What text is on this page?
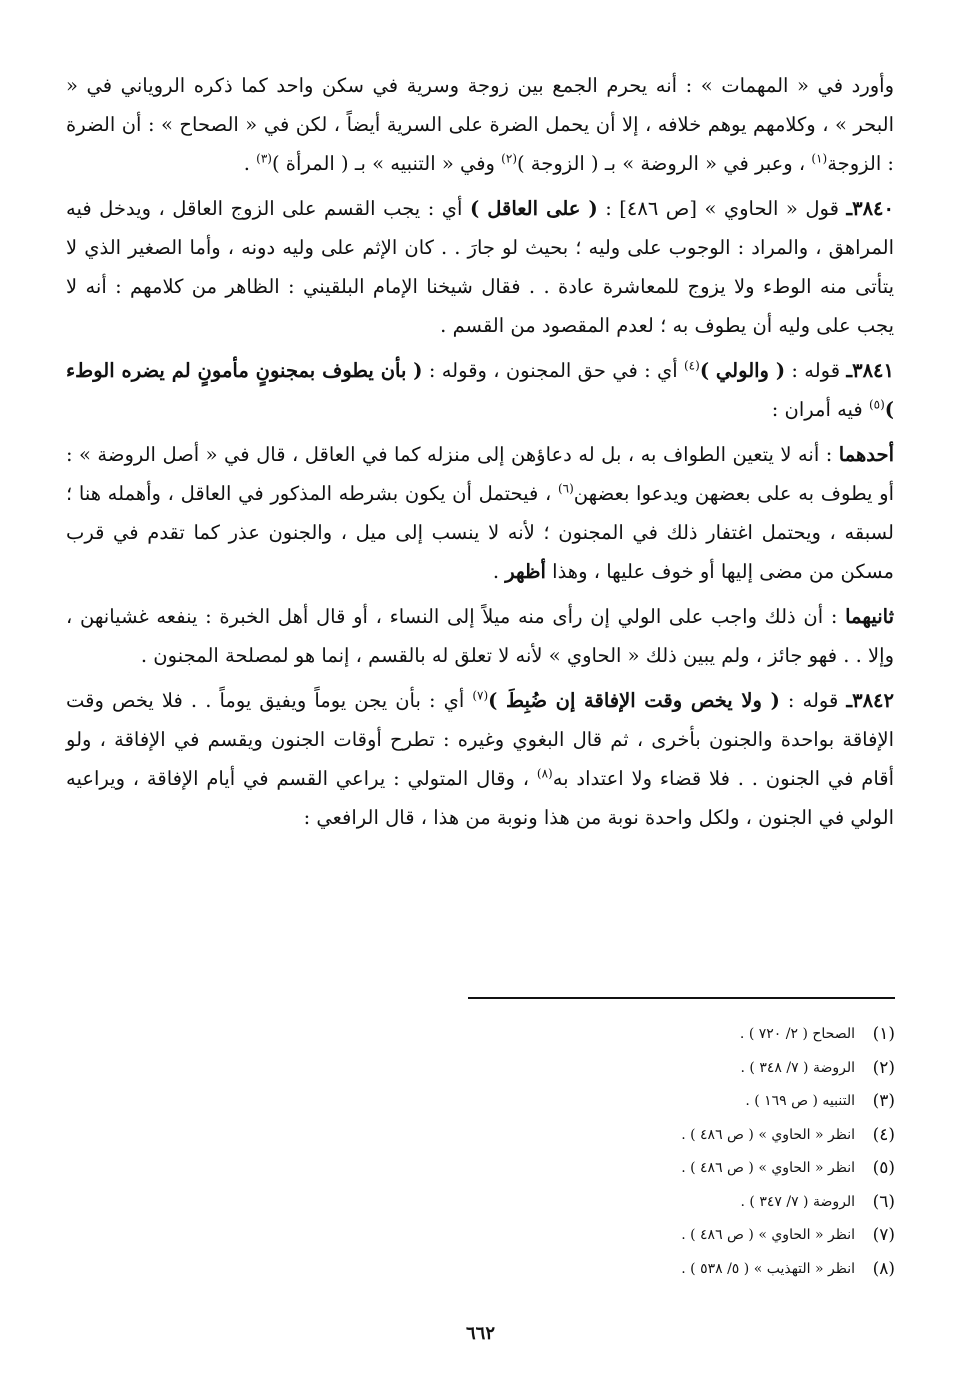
وأورد في « المهمات » : أنه يحرم الجمع بين زوجة وسرية في سكن واحد كما ذكره الروياني في « البحر » ، وكلامهم يوهم خلافه ، إلا أن يحمل الضرة على السرية أيضاً ، لكن في « الصحاح » : أن الضرة : الزوجة$^{(١)}$ ، وعبر في « الروضة » بـ ( الزوجة )$^{(٢)}$ وفي « التنبيه » بـ ( المرأة )$^{(٣)}$ .

٣٨٤٠ـ قول « الحاوي » [ص ٤٨٦] : ( على العاقل ) أي : يجب القسم على الزوج العاقل ، ويدخل فيه المراهق ، والمراد : الوجوب على وليه ؛ بحيث لو جارَ . . كان الإثم على وليه دونه ، وأما الصغير الذي لا يتأتى منه الوطء ولا يزوج للمعاشرة عادة . . فقال شيخنا الإمام البلقيني : الظاهر من كلامهم : أنه لا يجب على وليه أن يطوف به ؛ لعدم المقصود من القسم .

٣٨٤١ـ قوله : ( والولي )$^{(٤)}$ أي : في حق المجنون ، وقوله : ( بأن يطوف بمجنونٍ مأمونٍ لم يضره الوطء )$^{(٥)}$ فيه أمران :

أحدهما : أنه لا يتعين الطواف به ، بل له دعاؤهن إلى منزله كما في العاقل ، قال في « أصل الروضة » : أو يطوف به على بعضهن ويدعوا بعضهن$^{(٦)}$ ، فيحتمل أن يكون بشرطه المذكور في العاقل ، وأهمله هنا ؛ لسبقه ، ويحتمل اغتفار ذلك في المجنون ؛ لأنه لا ينسب إلى ميل ، والجنون عذر كما تقدم في قرب مسكن من مضى إليها أو خوف عليها ، وهذا أظهر .

ثانيهما : أن ذلك واجب على الولي إن رأى منه ميلاً إلى النساء ، أو قال أهل الخبرة : ينفعه غشيانهن ، وإلا . . فهو جائز ، ولم يبين ذلك « الحاوي » لأنه لا تعلق له بالقسم ، إنما هو لمصلحة المجنون .

٣٨٤٢ـ قوله : ( ولا يخص وقت الإفاقة إن ضُبِطَ )$^{(٧)}$ أي : بأن يجن يوماً ويفيق يوماً . . فلا يخص وقت الإفاقة بواحدة والجنون بأخرى ، ثم قال البغوي وغيره : تطرح أوقات الجنون ويقسم في الإفاقة ، ولو أقام في الجنون . . فلا قضاء ولا اعتداد به$^{(٨)}$ ، وقال المتولي : يراعي القسم في أيام الإفاقة ، ويراعيه الولي في الجنون ، ولكل واحدة نوبة من هذا ونوبة من هذا ، قال الرافعي :

(١)
الصحاح ( ٢/ ٧٢٠ ) .
(٢)
الروضة ( ٧/ ٣٤٨ ) .
(٣)
التنبيه ( ص ١٦٩ ) .
(٤)
انظر « الحاوي » ( ص ٤٨٦ ) .
(٥)
انظر « الحاوي » ( ص ٤٨٦ ) .
(٦)
الروضة ( ٧/ ٣٤٧ ) .
(٧)
انظر « الحاوي » ( ص ٤٨٦ ) .
(٨)
انظر « التهذيب » ( ٥/ ٥٣٨ ) .
٦٦٢
